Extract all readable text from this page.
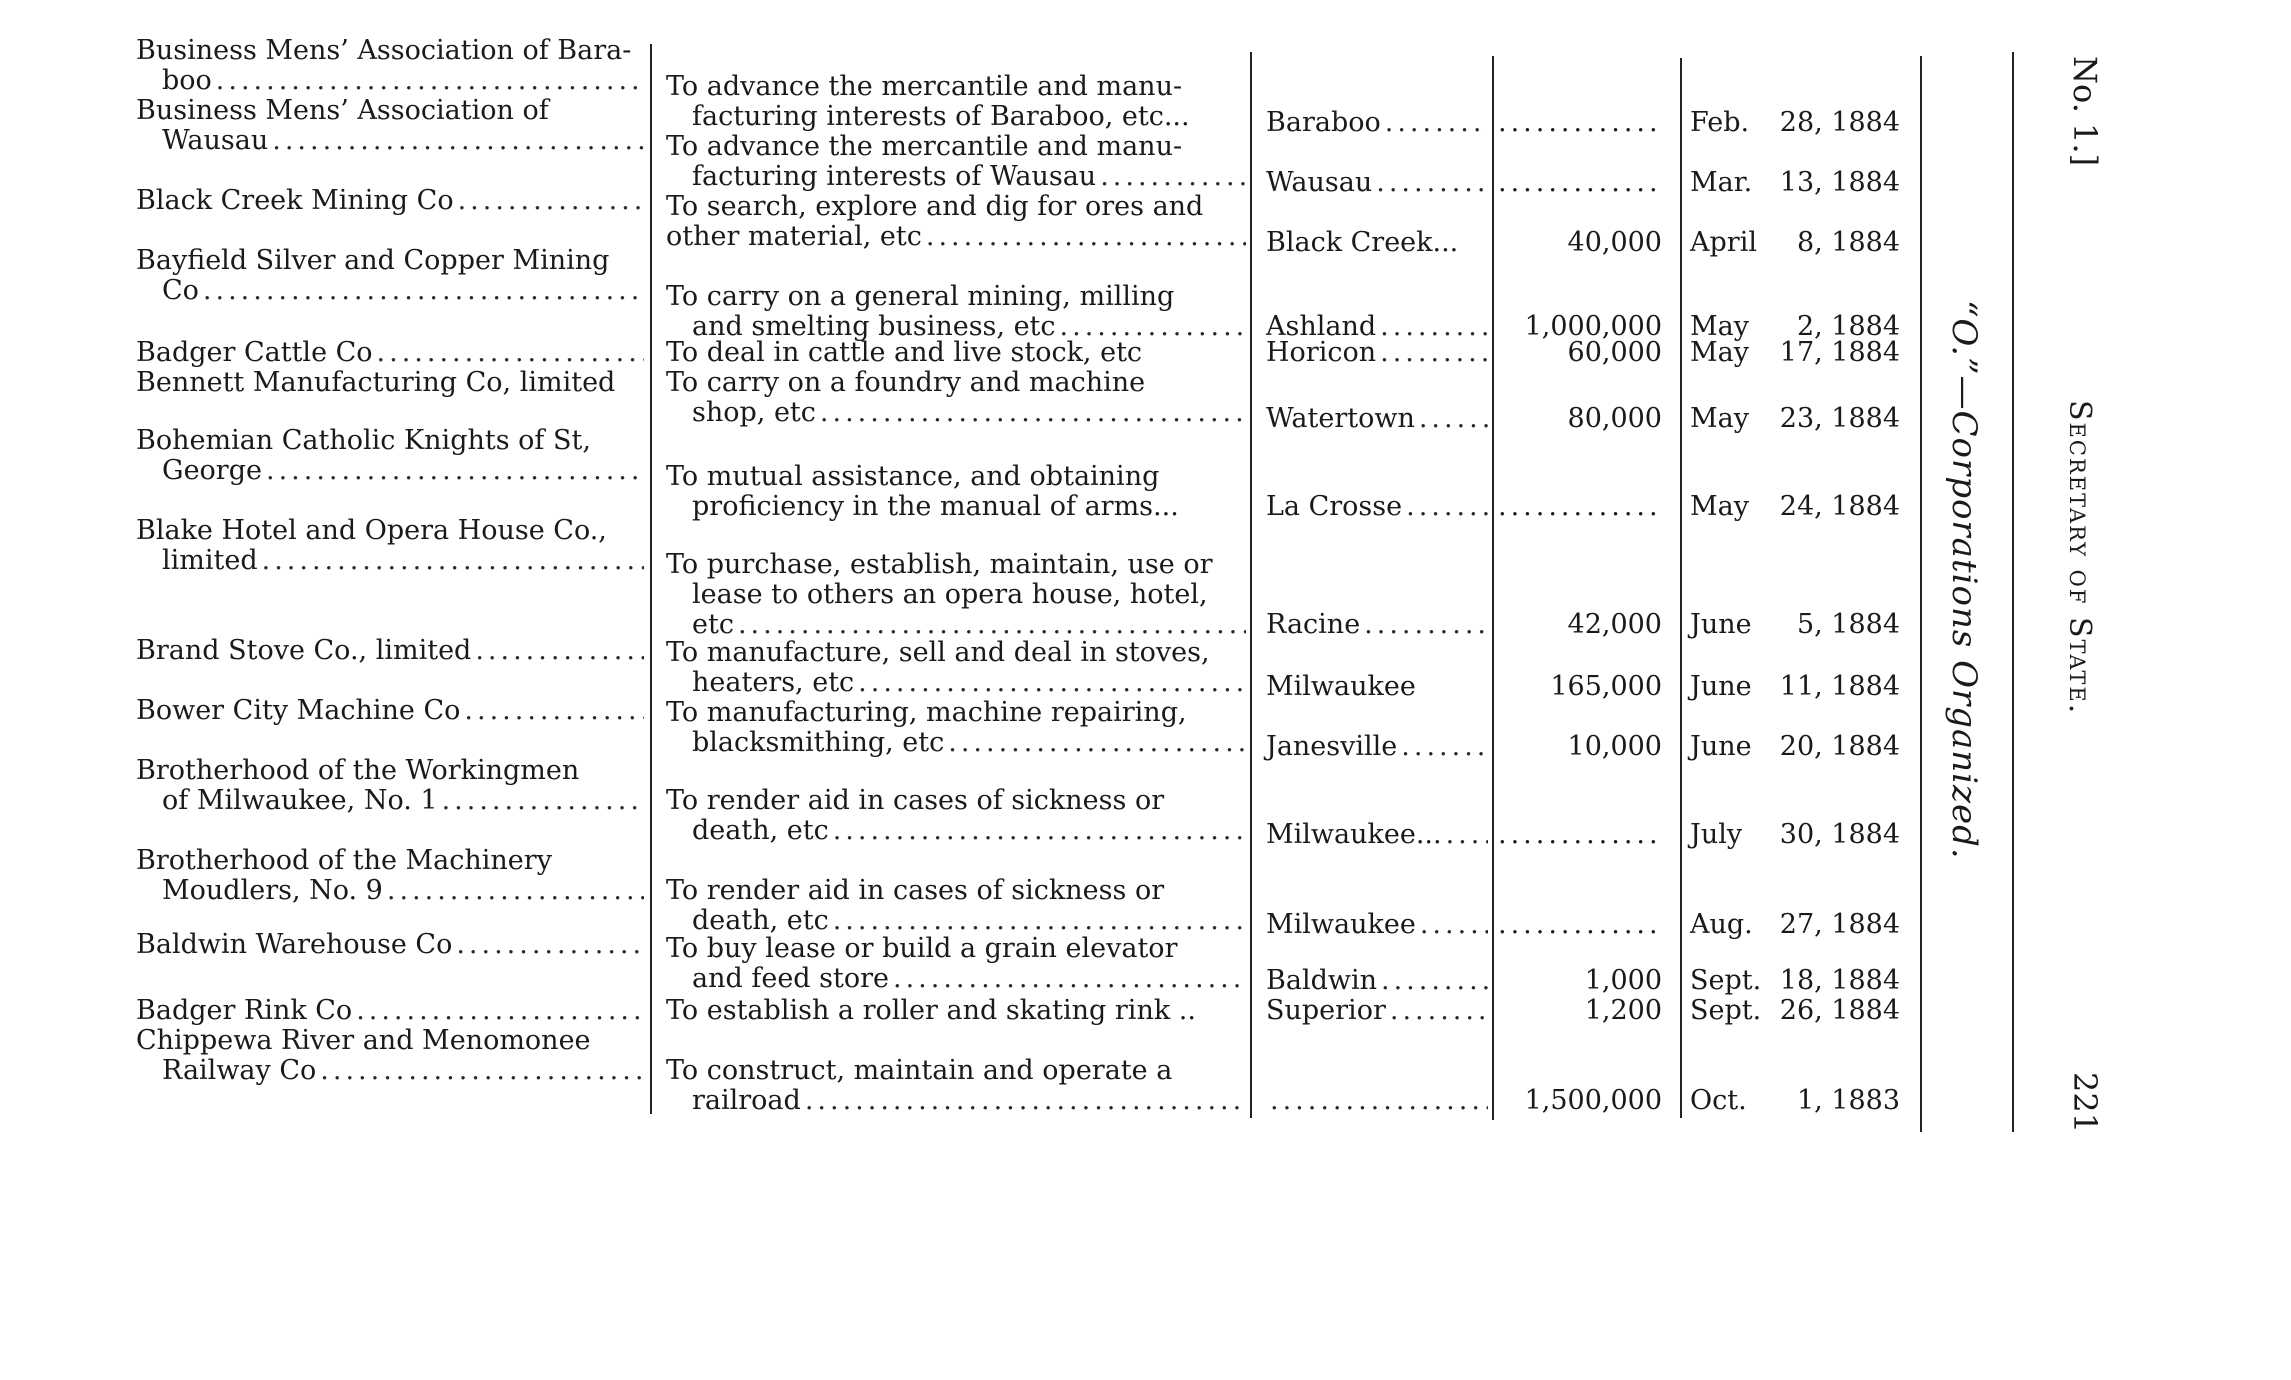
No. 1.]
Secretary of State.
“O.”—Corporations Organized.
221
Business Mens’ Association of Bara-
boo .....	To advance the mercantile and manu-
facturing interests of Baraboo, etc...	Baraboo ..... .....	Feb. 28, 1884
Business Mens’ Association of
Wausau .....	To advance the mercantile and manu-
facturing interests of Wausau .....	Wausau ..... .....	Mar. 13, 1884
Black Creek Mining Co .....	To search, explore and dig for ores and
other material, etc .....	Black Creek...	40,000 April 8, 1884
Bayfield Silver and Copper Mining
Co .....	To carry on a general mining, milling
and smelting business, etc .....	Ashland .....	1,000,000 May 2, 1884
Badger Cattle Co .....	To deal in cattle and live stock, etc	Horicon .....	60,000 May 17, 1884
Bennett Manufacturing Co, limited	To carry on a foundry and machine
shop, etc .....	Watertown .....	80,000 May 23, 1884
Bohemian Catholic Knights of St,
George .....	To mutual assistance, and obtaining
proficiency in the manual of arms...	La Crosse ..... .....	May 24, 1884
Blake Hotel and Opera House Co.,
limited .....	To purchase, establish, maintain, use or
lease to others an opera house, hotel,
etc .....	Racine .....	42,000 June 5, 1884
Brand Stove Co., limited .....	To manufacture, sell and deal in stoves,
heaters, etc .....	Milwaukee	165,000 June 11, 1884
Bower City Machine Co .....	To manufacturing, machine repairing,
blacksmithing, etc .....	Janesville .....	10,000 June 20, 1884
Brotherhood of the Workingmen
of Milwaukee, No. 1 .....	To render aid in cases of sickness or
death, etc .....	Milwaukee... ..... .....	July 30, 1884
Brotherhood of the Machinery
Moudlers, No. 9 .....	To render aid in cases of sickness or
death, etc .....	Milwaukee ..... .....	Aug. 27, 1884
Baldwin Warehouse Co .....	To buy lease or build a grain elevator
and feed store .....	Baldwin .....	1,000 Sept. 18, 1884
Badger Rink Co .....	To establish a roller and skating rink ..	Superior .....	1,200 Sept. 26, 1884
Chippewa River and Menomonee
Railway Co .....	To construct, maintain and operate a
railroad ..... .....	1,500,000 Oct. 1, 1883
